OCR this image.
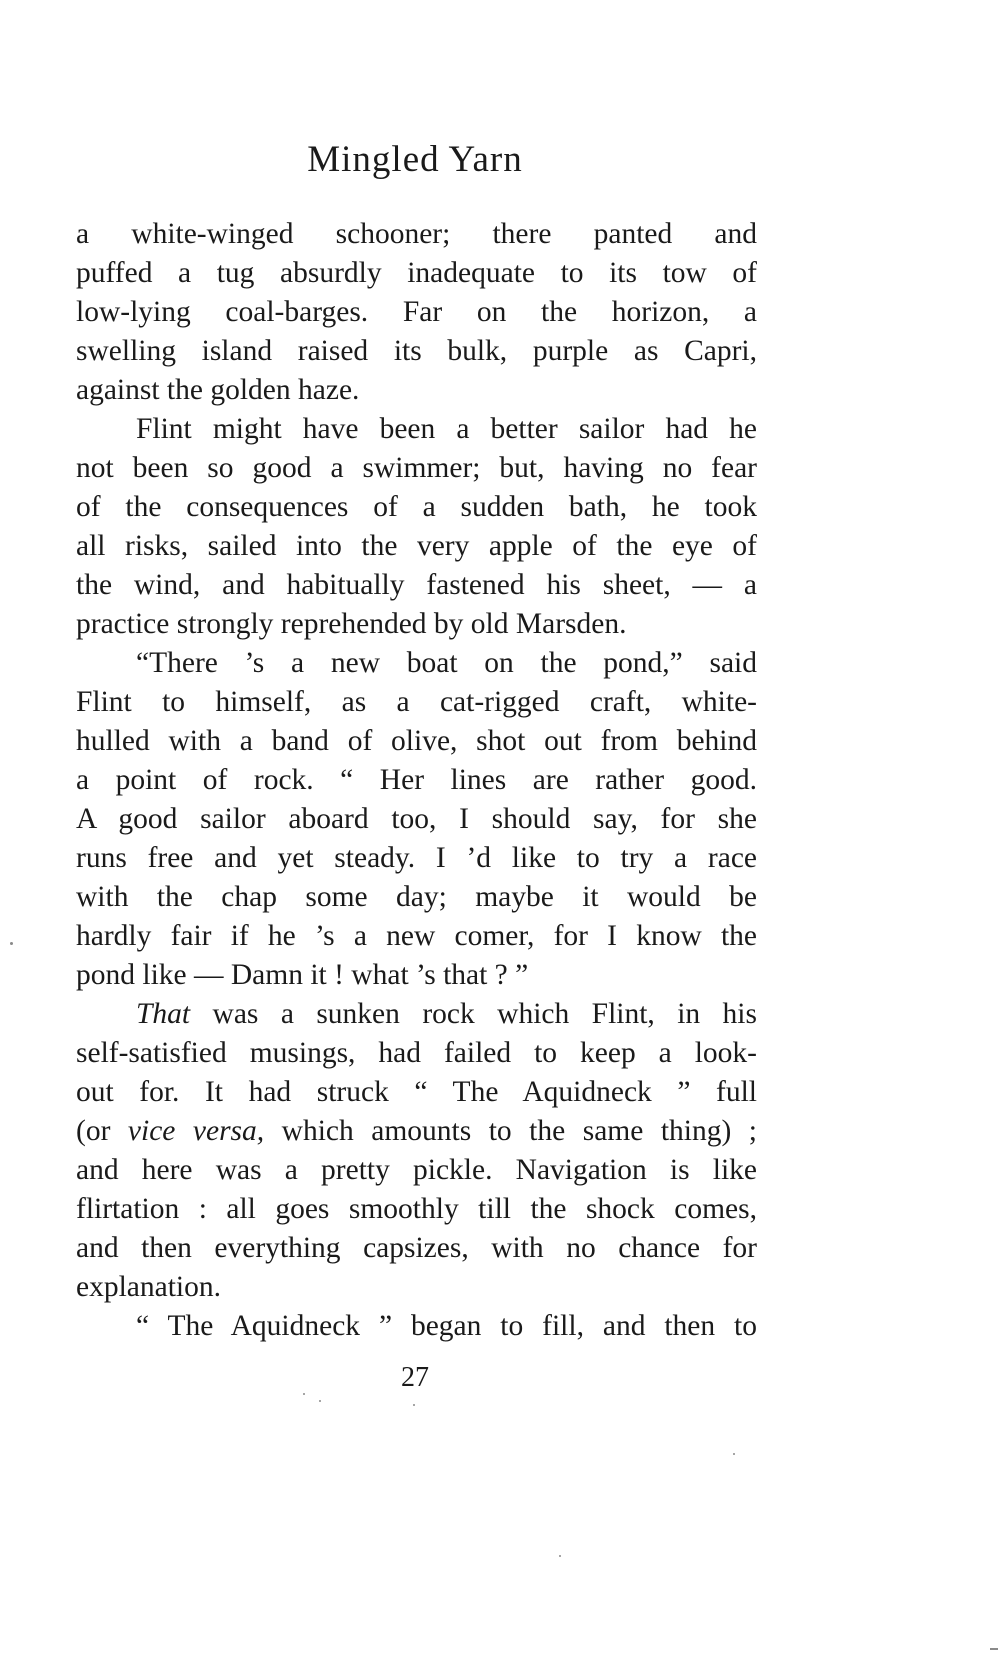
Mingled Yarn
a white-winged schooner; there panted and
puffed a tug absurdly inadequate to its tow of
low-lying coal-barges. Far on the horizon, a
swelling island raised its bulk, purple as Capri,
against the golden haze.
Flint might have been a better sailor had he
not been so good a swimmer; but, having no fear
of the consequences of a sudden bath, he took
all risks, sailed into the very apple of the eye of
the wind, and habitually fastened his sheet, — a
practice strongly reprehended by old Marsden.
“There ’s a new boat on the pond,” said
Flint to himself, as a cat-rigged craft, white-
hulled with a band of olive, shot out from behind
a point of rock. “ Her lines are rather good.
A good sailor aboard too, I should say, for she
runs free and yet steady. I ’d like to try a race
with the chap some day; maybe it would be
hardly fair if he ’s a new comer, for I know the
pond like — Damn it ! what ’s that ? ”
That was a sunken rock which Flint, in his
self-satisfied musings, had failed to keep a look-
out for. It had struck “ The Aquidneck ” full
(or vice versa, which amounts to the same thing) ;
and here was a pretty pickle. Navigation is like
flirtation : all goes smoothly till the shock comes,
and then everything capsizes, with no chance for
explanation.
“ The Aquidneck ” began to fill, and then to
27
